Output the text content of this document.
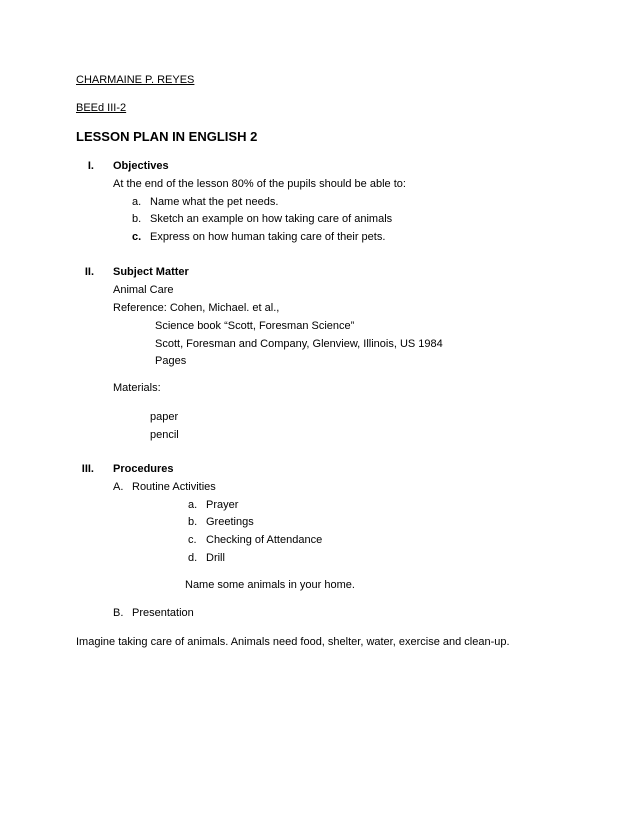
CHARMAINE P. REYES
BEEd III-2
LESSON PLAN IN ENGLISH 2
I. Objectives
At the end of the lesson 80% of the pupils should be able to:
a. Name what the pet needs.
b. Sketch an example on how taking care of animals
c. Express on how human taking care of their pets.
II. Subject Matter
Animal Care
Reference: Cohen, Michael. et al.,
Science book “Scott, Foresman Science”
Scott, Foresman and Company, Glenview, Illinois, US 1984
Pages
Materials:
paper
pencil
III. Procedures
A. Routine Activities
a. Prayer
b. Greetings
c. Checking of Attendance
d. Drill
Name some animals in your home.
B. Presentation
Imagine taking care of animals. Animals need food, shelter, water, exercise and clean-up.
